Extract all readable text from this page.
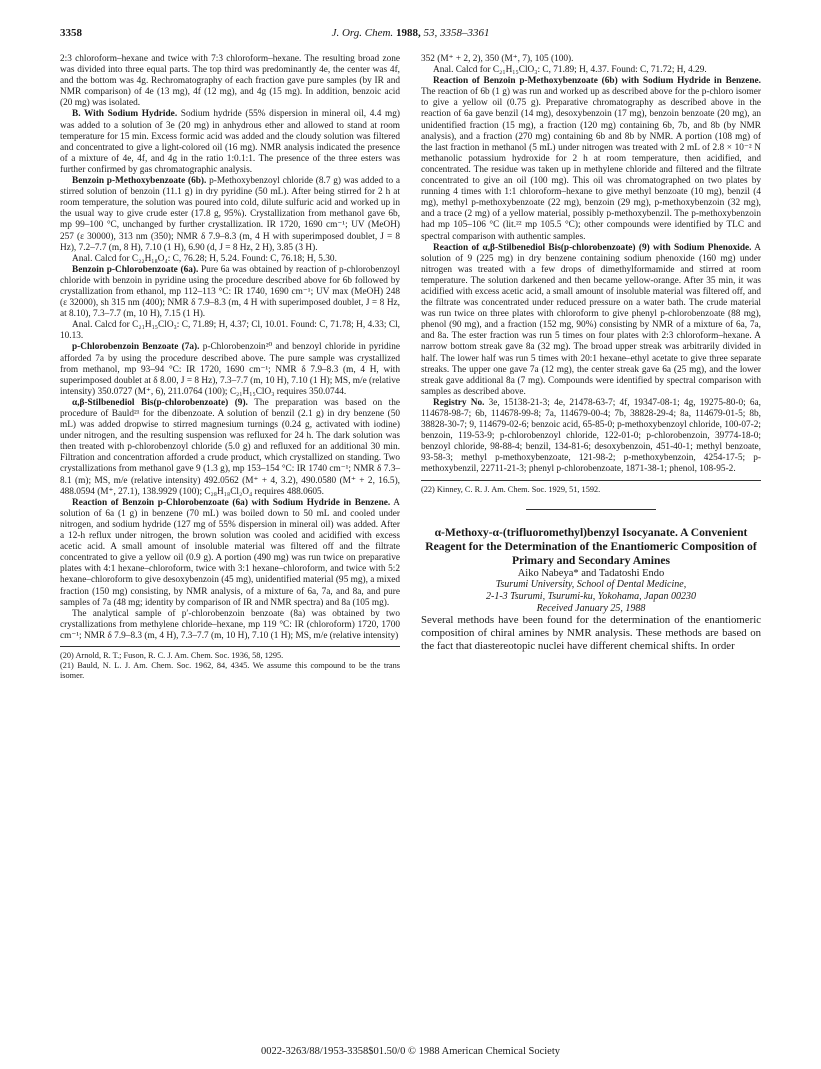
3358	J. Org. Chem. 1988, 53, 3358–3361

2:3 chloroform–hexane and twice with 7:3 chloroform–hexane. The resulting broad zone was divided into three equal parts. The top third was predominantly 4e, the center was 4f, and the bottom was 4g. Rechromatography of each fraction gave pure samples (by IR and NMR comparison) of 4e (13 mg), 4f (12 mg), and 4g (15 mg). In addition, benzoic acid (20 mg) was isolated.

B. With Sodium Hydride. Sodium hydride (55% dispersion in mineral oil, 4.4 mg) was added to a solution of 3e (20 mg) in anhydrous ether and allowed to stand at room temperature for 15 min. Excess formic acid was added and the cloudy solution was filtered and concentrated to give a light-colored oil (16 mg). NMR analysis indicated the presence of a mixture of 4e, 4f, and 4g in the ratio 1:0.1:1. The presence of the three esters was further confirmed by gas chromatographic analysis.

Benzoin p-Methoxybenzoate (6b). p-Methoxybenzoyl chloride (8.7 g) was added to a stirred solution of benzoin (11.1 g) in dry pyridine (50 mL). After being stirred for 2 h at room temperature, the solution was poured into cold, dilute sulfuric acid and worked up in the usual way to give crude ester (17.8 g, 95%). Crystallization from methanol gave 6b, mp 99–100 °C, unchanged by further crystallization. IR 1720, 1690 cm⁻¹; UV (MeOH) 257 (ε 30000), 313 nm (350); NMR δ 7.9–8.3 (m, 4 H with superimposed doublet, J = 8 Hz), 7.2–7.7 (m, 8 H), 7.10 (1 H), 6.90 (d, J = 8 Hz, 2 H), 3.85 (3 H).

Anal. Calcd for C₂₂H₁₈O₄: C, 76.28; H, 5.24. Found: C, 76.18; H, 5.30.

Benzoin p-Chlorobenzoate (6a). Pure 6a was obtained by reaction of p-chlorobenzoyl chloride with benzoin in pyridine using the procedure described above for 6b followed by crystallization from ethanol, mp 112–113 °C: IR 1740, 1690 cm⁻¹; UV max (MeOH) 248 (ε 32000), sh 315 nm (400); NMR δ 7.9–8.3 (m, 4 H with superimposed doublet, J = 8 Hz, at 8.10), 7.3–7.7 (m, 10 H), 7.15 (1 H).

Anal. Calcd for C₂₁H₁₅ClO₃: C, 71.89; H, 4.37; Cl, 10.01. Found: C, 71.78; H, 4.33; Cl, 10.13.

p-Chlorobenzoin Benzoate (7a). p-Chlorobenzoin²⁰ and benzoyl chloride in pyridine afforded 7a by using the procedure described above. The pure sample was crystallized from methanol, mp 93–94 °C: IR 1720, 1690 cm⁻¹; NMR δ 7.9–8.3 (m, 4 H, with superimposed doublet at δ 8.00, J = 8 Hz), 7.3–7.7 (m, 10 H), 7.10 (1 H); MS, m/e (relative intensity) 350.0727 (M⁺, 6), 211.0764 (100); C₂₁H₁₅ClO₃ requires 350.0744.

α,β-Stilbenediol Bis(p-chlorobenzoate) (9). The preparation was based on the procedure of Bauld²¹ for the dibenzoate. A solution of benzil (2.1 g) in dry benzene (50 mL) was added dropwise to stirred magnesium turnings (0.24 g, activated with iodine) under nitrogen, and the resulting suspension was refluxed for 24 h. The dark solution was then treated with p-chlorobenzoyl chloride (5.0 g) and refluxed for an additional 30 min. Filtration and concentration afforded a crude product, which crystallized on standing. Two crystallizations from methanol gave 9 (1.3 g), mp 153–154 °C: IR 1740 cm⁻¹; NMR δ 7.3–8.1 (m); MS, m/e (relative intensity) 492.0562 (M⁺ + 4, 3.2), 490.0580 (M⁺ + 2, 16.5), 488.0594 (M⁺, 27.1), 138.9929 (100); C₂₈H₁₈Cl₂O₄ requires 488.0605.

Reaction of Benzoin p-Chlorobenzoate (6a) with Sodium Hydride in Benzene. A solution of 6a (1 g) in benzene (70 mL) was boiled down to 50 mL and cooled under nitrogen, and sodium hydride (127 mg of 55% dispersion in mineral oil) was added. After a 12-h reflux under nitrogen, the brown solution was cooled and acidified with excess acetic acid. A small amount of insoluble material was filtered off and the filtrate concentrated to give a yellow oil (0.9 g). A portion (490 mg) was run twice on preparative plates with 4:1 hexane–chloroform, twice with 3:1 hexane–chloroform, and twice with 5:2 hexane–chloroform to give desoxybenzoin (45 mg), unidentified material (95 mg), a mixed fraction (150 mg) consisting, by NMR analysis, of a mixture of 6a, 7a, and 8a, and pure samples of 7a (48 mg; identity by comparison of IR and NMR spectra) and 8a (105 mg).

The analytical sample of p′-chlorobenzoin benzoate (8a) was obtained by two crystallizations from methylene chloride–hexane, mp 119 °C: IR (chloroform) 1720, 1700 cm⁻¹; NMR δ 7.9–8.3 (m, 4 H), 7.3–7.7 (m, 10 H), 7.10 (1 H); MS, m/e (relative intensity)

(20) Arnold, R. T.; Fuson, R. C. J. Am. Chem. Soc. 1936, 58, 1295.

(21) Bauld, N. L. J. Am. Chem. Soc. 1962, 84, 4345. We assume this compound to be the trans isomer.

352 (M⁺ + 2, 2), 350 (M⁺, 7), 105 (100).

Anal. Calcd for C₂₁H₁₅ClO₃: C, 71.89; H, 4.37. Found: C, 71.72; H, 4.29.

Reaction of Benzoin p-Methoxybenzoate (6b) with Sodium Hydride in Benzene. The reaction of 6b (1 g) was run and worked up as described above for the p-chloro isomer to give a yellow oil (0.75 g). Preparative chromatography as described above in the reaction of 6a gave benzil (14 mg), desoxybenzoin (17 mg), benzoin benzoate (20 mg), an unidentified fraction (15 mg), a fraction (120 mg) containing 6b, 7b, and 8b (by NMR analysis), and a fraction (270 mg) containing 6b and 8b by NMR. A portion (108 mg) of the last fraction in methanol (5 mL) under nitrogen was treated with 2 mL of 2.8 × 10⁻² N methanolic potassium hydroxide for 2 h at room temperature, then acidified, and concentrated. The residue was taken up in methylene chloride and filtered and the filtrate concentrated to give an oil (100 mg). This oil was chromatographed on two plates by running 4 times with 1:1 chloroform–hexane to give methyl benzoate (10 mg), benzil (4 mg), methyl p-methoxybenzoate (22 mg), benzoin (29 mg), p-methoxybenzoin (32 mg), and a trace (2 mg) of a yellow material, possibly p-methoxybenzil. The p-methoxybenzoin had mp 105–106 °C (lit.²² mp 105.5 °C); other compounds were identified by TLC and spectral comparison with authentic samples.

Reaction of α,β-Stilbenediol Bis(p-chlorobenzoate) (9) with Sodium Phenoxide. A solution of 9 (225 mg) in dry benzene containing sodium phenoxide (160 mg) under nitrogen was treated with a few drops of dimethylformamide and stirred at room temperature. The solution darkened and then became yellow-orange. After 35 min, it was acidified with excess acetic acid, a small amount of insoluble material was filtered off, and the filtrate was concentrated under reduced pressure on a water bath. The crude material was run twice on three plates with chloroform to give phenyl p-chlorobenzoate (88 mg), phenol (90 mg), and a fraction (152 mg, 90%) consisting by NMR of a mixture of 6a, 7a, and 8a. The ester fraction was run 5 times on four plates with 2:3 chloroform–hexane. A narrow bottom streak gave 8a (32 mg). The broad upper streak was arbitrarily divided in half. The lower half was run 5 times with 20:1 hexane–ethyl acetate to give three separate streaks. The upper one gave 7a (12 mg), the center streak gave 6a (25 mg), and the lower streak gave additional 8a (7 mg). Compounds were identified by spectral comparison with samples as described above.

Registry No. 3e, 15138-21-3; 4e, 21478-63-7; 4f, 19347-08-1; 4g, 19275-80-0; 6a, 114678-98-7; 6b, 114678-99-8; 7a, 114679-00-4; 7b, 38828-29-4; 8a, 114679-01-5; 8b, 38828-30-7; 9, 114679-02-6; benzoic acid, 65-85-0; p-methoxybenzoyl chloride, 100-07-2; benzoin, 119-53-9; p-chlorobenzoyl chloride, 122-01-0; p-chlorobenzoin, 39774-18-0; benzoyl chloride, 98-88-4; benzil, 134-81-6; desoxybenzoin, 451-40-1; methyl benzoate, 93-58-3; methyl p-methoxybenzoate, 121-98-2; p-methoxybenzoin, 4254-17-5; p-methoxybenzil, 22711-21-3; phenyl p-chlorobenzoate, 1871-38-1; phenol, 108-95-2.

(22) Kinney, C. R. J. Am. Chem. Soc. 1929, 51, 1592.

α-Methoxy-α-(trifluoromethyl)benzyl Isocyanate. A Convenient Reagent for the Determination of the Enantiomeric Composition of Primary and Secondary Amines

Aiko Nabeya* and Tadatoshi Endo

Tsurumi University, School of Dental Medicine,

2-1-3 Tsurumi, Tsurumi-ku, Yokohama, Japan 00230

Received January 25, 1988

Several methods have been found for the determination of the enantiomeric composition of chiral amines by NMR analysis. These methods are based on the fact that diastereotopic nuclei have different chemical shifts. In order

0022-3263/88/1953-3358$01.50/0 © 1988 American Chemical Society
